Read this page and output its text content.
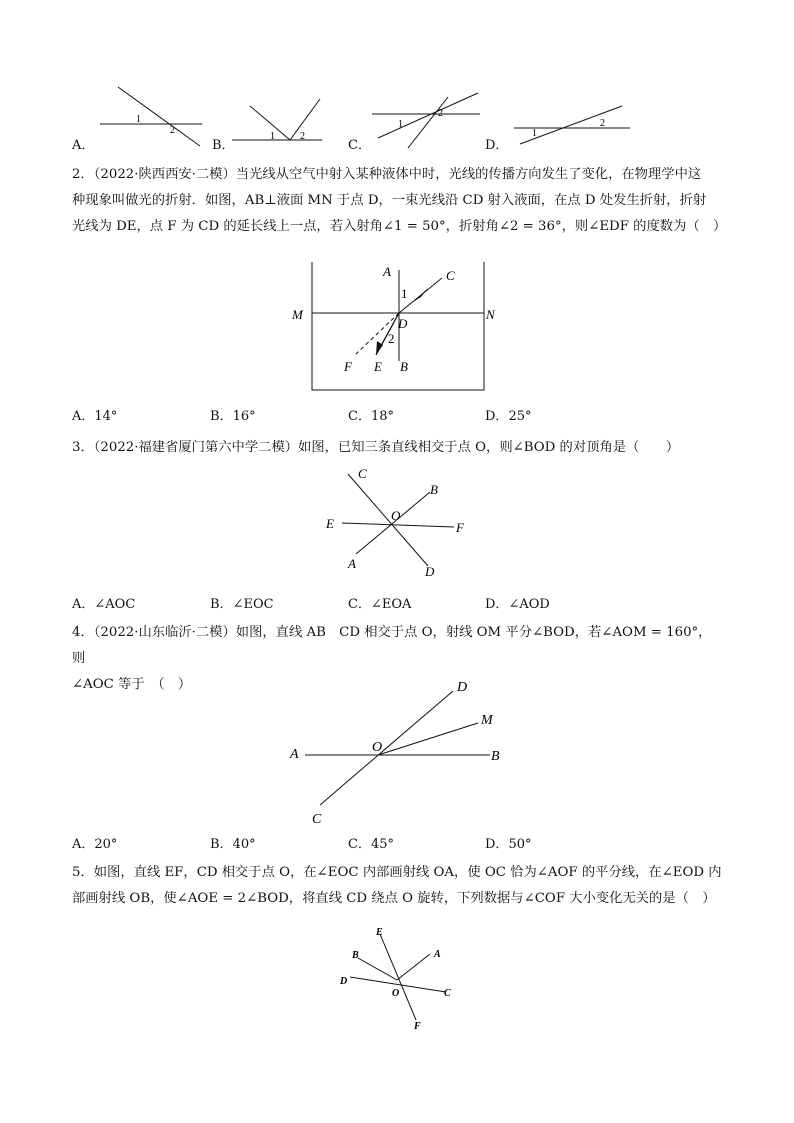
A．	B．	C．	D．
1
2
1	2
1
2
1
2
2．（2022·陕西西安·二模）当光线从空气中射入某种液体中时，光线的传播方向发生了变化，在物理学中这
种现象叫做光的折射．如图，AB⊥液面 MN 于点 D，一束光线沿 CD 射入液面，在点 D 处发生折射，折射
光线为 DE，点 F 为 CD 的延长线上一点，若入射角∠1 = 50°，折射角∠2 = 36°，则∠EDF 的度数为（　）
A	C
1
M
D
N
2
F E B
A．14°	B．16°	C．18°	D．25°
3．（2022·福建省厦门第六中学二模）如图，已知三条直线相交于点 O，则∠BOD 的对顶角是（　　）
C
B
O
E	F
A
D
A．∠AOC	B．∠EOC	C．∠EOA	D．∠AOD
4．（2022·山东临沂·二模）如图，直线 AB　CD 相交于点 O，射线 OM 平分∠BOD，若∠AOM = 160°，则
∠AOC 等于　（　）	D
M
A	O
B
C
A．20°	B．40°	C．45°	D．50°
5．如图，直线 EF，CD 相交于点 O，在∠EOC 内部画射线 OA，使 OC 恰为∠AOF 的平分线，在∠EOD 内
部画射线 OB，使∠AOE = 2∠BOD，将直线 CD 绕点 O 旋转，下列数据与∠COF 大小变化无关的是（　）
E
B	A
D
O	C
F
